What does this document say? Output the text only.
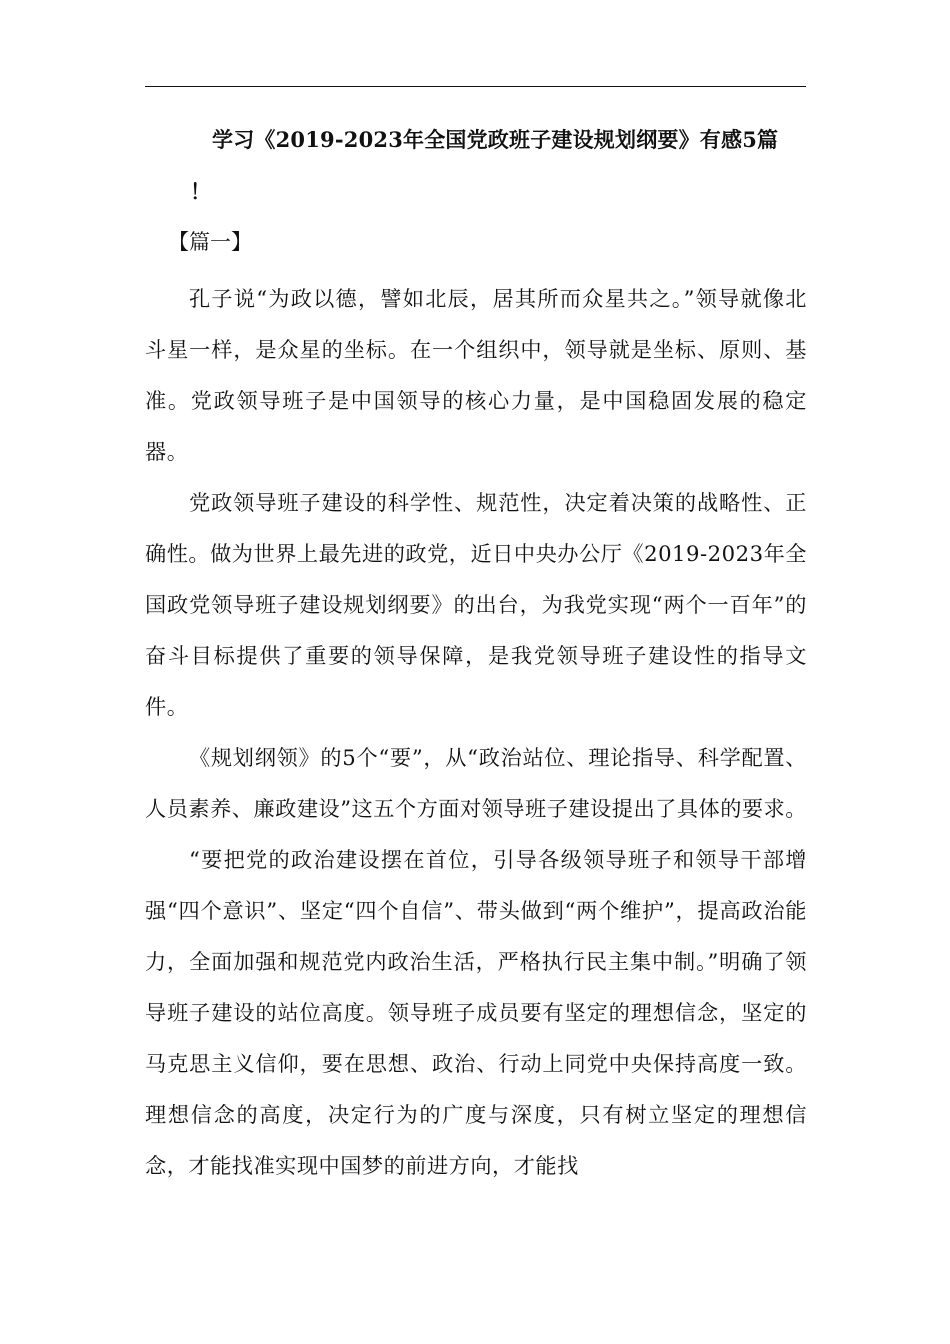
学习《2019-2023年全国党政班子建设规划纲要》有感5篇
！
【篇一】

孔子说“为政以德，譬如北辰，居其所而众星共之。”领导就像北斗星一样，是众星的坐标。在一个组织中，领导就是坐标、原则、基准。党政领导班子是中国领导的核心力量，是中国稳固发展的稳定器。

党政领导班子建设的科学性、规范性，决定着决策的战略性、正确性。做为世界上最先进的政党，近日中央办公厅《2019-2023年全国政党领导班子建设规划纲要》的出台，为我党实现“两个一百年”的奋斗目标提供了重要的领导保障，是我党领导班子建设性的指导文件。

《规划纲领》的5个“要”，从“政治站位、理论指导、科学配置、人员素养、廉政建设”这五个方面对领导班子建设提出了具体的要求。

“要把党的政治建设摆在首位，引导各级领导班子和领导干部增强“四个意识”、坚定“四个自信”、带头做到“两个维护”，提高政治能力，全面加强和规范党内政治生活，严格执行民主集中制。”明确了领导班子建设的站位高度。领导班子成员要有坚定的理想信念，坚定的马克思主义信仰，要在思想、政治、行动上同党中央保持高度一致。理想信念的高度，决定行为的广度与深度，只有树立坚定的理想信念，才能找准实现中国梦的前进方向，才能找
